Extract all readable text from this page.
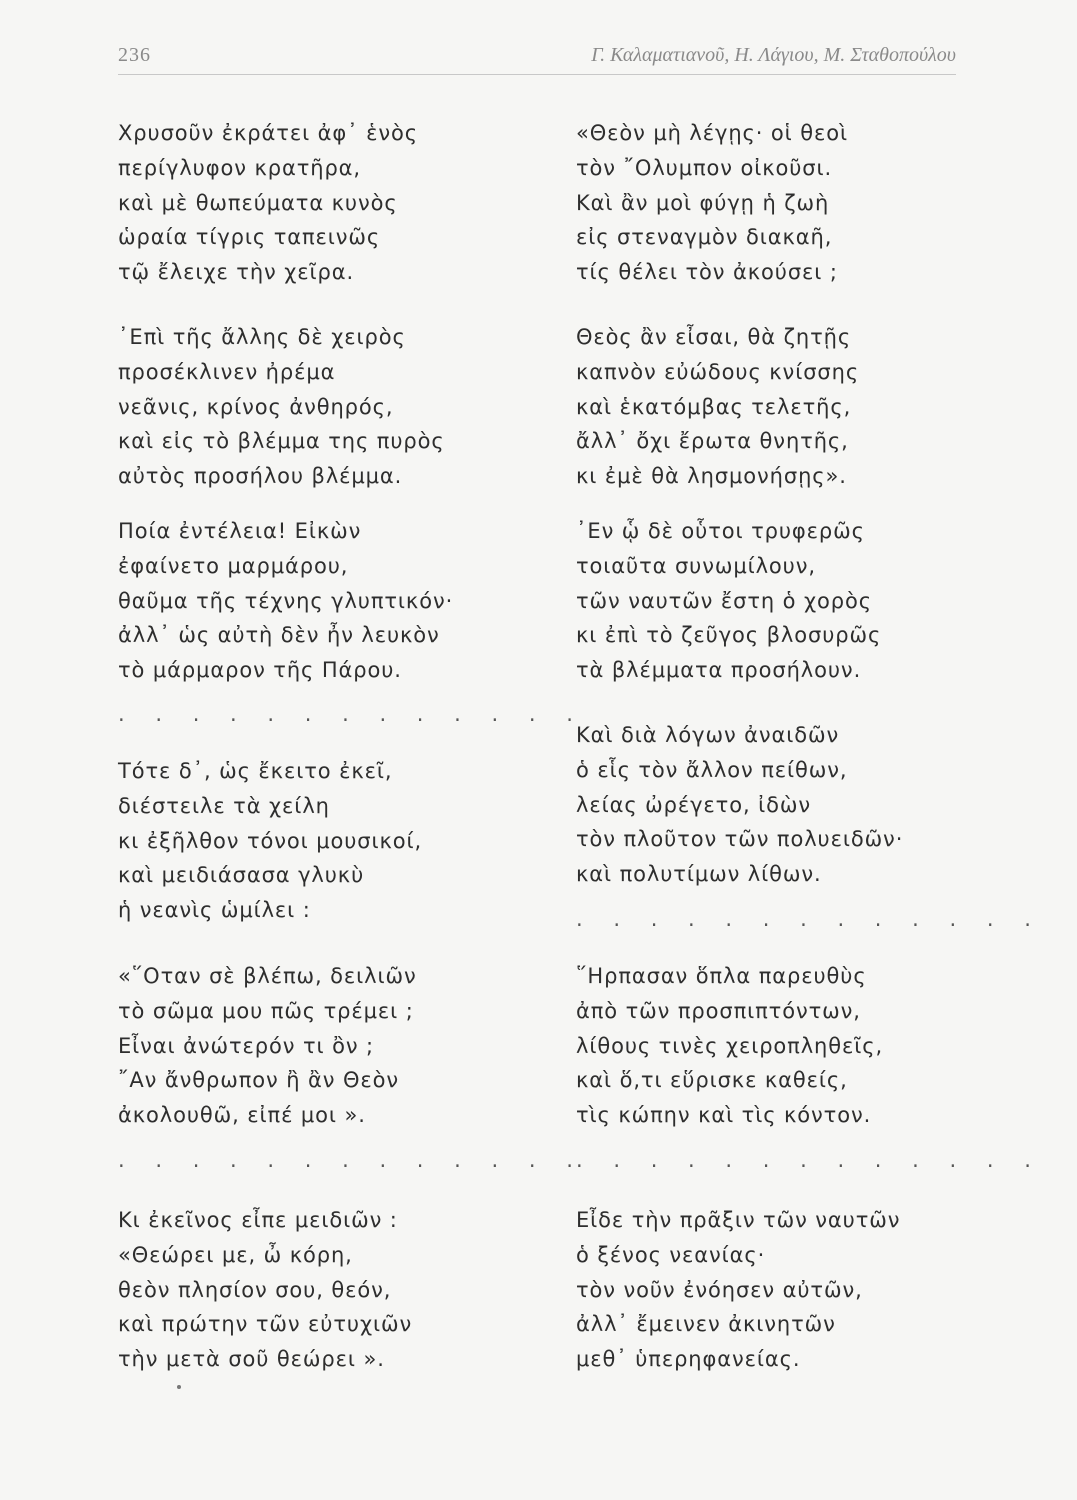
236	Γ. Καλαματιανοῦ, Η. Λάγιου, Μ. Σταθοπούλου
Χρυσοῦν ἐκράτει ἀφ᾽ ἑνὸς
περίγλυφον κρατῆρα,
καὶ μὲ θωπεύματα κυνὸς
ὡραία τίγρις ταπεινῶς
τῷ ἔλειχε τὴν χεῖρα.
᾽Επὶ τῆς ἄλλης δὲ χειρὸς
προσέκλινεν ἠρέμα
νεᾶνις, κρίνος ἀνθηρός,
καὶ εἰς τὸ βλέμμα της πυρὸς
αὐτὸς προσήλου βλέμμα.
Ποία ἐντέλεια! Εἰκὼν
ἐφαίνετο μαρμάρου,
θαῦμα τῆς τέχνης γλυπτικόν·
ἀλλ᾽ ὡς αὐτὴ δὲν ἦν λευκὸν
τὸ μάρμαρον τῆς Πάρου.
. . . . . . . . . . . . .
Τότε δ᾽, ὡς ἔκειτο ἐκεῖ,
διέστειλε τὰ χείλη
κι ἐξῆλθον τόνοι μουσικοί,
καὶ μειδιάσασα γλυκὺ
ἡ νεανὶς ὡμίλει :
«῞Οταν σὲ βλέπω, δειλιῶν
τὸ σῶμα μου πῶς τρέμει ;
Εἶναι ἀνώτερόν τι ὂν ;
῎Αν ἄνθρωπον ἢ ἂν Θεὸν
ἀκολουθῶ, εἰπέ μοι ».
. . . . . . . . . . . . .
Κι ἐκεῖνος εἶπε μειδιῶν :
«Θεώρει με, ὦ κόρη,
θεὸν πλησίον σου, θεόν,
καὶ πρώτην τῶν εὐτυχιῶν
τὴν μετὰ σοῦ θεώρει ».
«Θεὸν μὴ λέγῃς· οἱ θεοὶ
τὸν ῎Ολυμπον οἰκοῦσι.
Καὶ ἂν μοὶ φύγῃ ἡ ζωὴ
εἰς στεναγμὸν διακαῆ,
τίς θέλει τὸν ἀκούσει ;
Θεὸς ἂν εἶσαι, θὰ ζητῇς
καπνὸν εὐώδους κνίσσης
καὶ ἑκατόμβας τελετῆς,
ἄλλ᾽ ὄχι ἔρωτα θνητῆς,
κι ἐμὲ θὰ λησμονήσῃς».
᾽Εν ᾧ δὲ οὗτοι τρυφερῶς
τοιαῦτα συνωμίλουν,
τῶν ναυτῶν ἔστη ὁ χορὸς
κι ἐπὶ τὸ ζεῦγος βλοσυρῶς
τὰ βλέμματα προσήλουν.
Καὶ διὰ λόγων ἀναιδῶν
ὁ εἷς τὸν ἄλλον πείθων,
λείας ὠρέγετο, ἰδὼν
τὸν πλοῦτον τῶν πολυειδῶν·
καὶ πολυτίμων λίθων.
. . . . . . . . . . . . .
῞Ηρπασαν ὅπλα παρευθὺς
ἀπὸ τῶν προσπιπτόντων,
λίθους τινὲς χειροπληθεῖς,
καὶ ὅ,τι εὕρισκε καθείς,
τὶς κώπην καὶ τὶς κόντον.
. . . . . . . . . . . . .
Εἶδε τὴν πρᾶξιν τῶν ναυτῶν
ὁ ξένος νεανίας·
τὸν νοῦν ἐνόησεν αὐτῶν,
ἀλλ᾽ ἔμεινεν ἀκινητῶν
μεθ᾽ ὑπερηφανείας.
